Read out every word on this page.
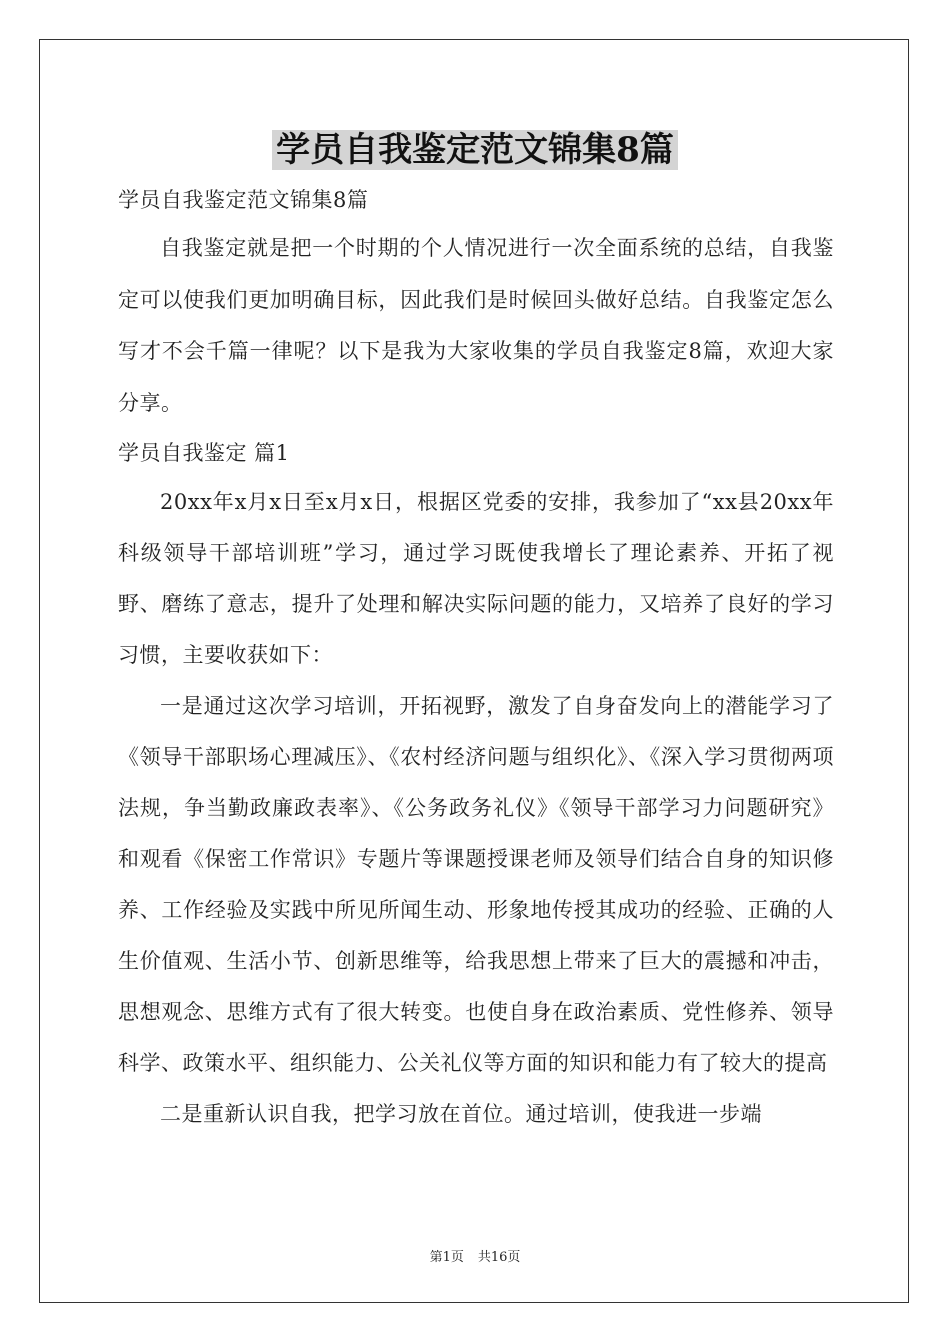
学员自我鉴定范文锦集8篇

学员自我鉴定范文锦集8篇

自我鉴定就是把一个时期的个人情况进行一次全面系统的总结，自我鉴定可以使我们更加明确目标，因此我们是时候回头做好总结。自我鉴定怎么写才不会千篇一律呢？以下是我为大家收集的学员自我鉴定8篇，欢迎大家分享。

学员自我鉴定 篇1

20xx年x月x日至x月x日，根据区党委的安排，我参加了“xx县20xx年科级领导干部培训班”学习，通过学习既使我增长了理论素养、开拓了视野、磨练了意志，提升了处理和解决实际问题的能力，又培养了良好的学习习惯，主要收获如下：

一是通过这次学习培训，开拓视野，激发了自身奋发向上的潜能学习了《领导干部职场心理减压》、《农村经济问题与组织化》、《深入学习贯彻两项法规，争当勤政廉政表率》、《公务政务礼仪》《领导干部学习力问题研究》和观看《保密工作常识》专题片等课题授课老师及领导们结合自身的知识修养、工作经验及实践中所见所闻生动、形象地传授其成功的经验、正确的人生价值观、生活小节、创新思维等，给我思想上带来了巨大的震撼和冲击，思想观念、思维方式有了很大转变。也使自身在政治素质、党性修养、领导科学、政策水平、组织能力、公关礼仪等方面的知识和能力有了较大的提高

二是重新认识自我，把学习放在首位。通过培训，使我进一步端

第1页 共16页
